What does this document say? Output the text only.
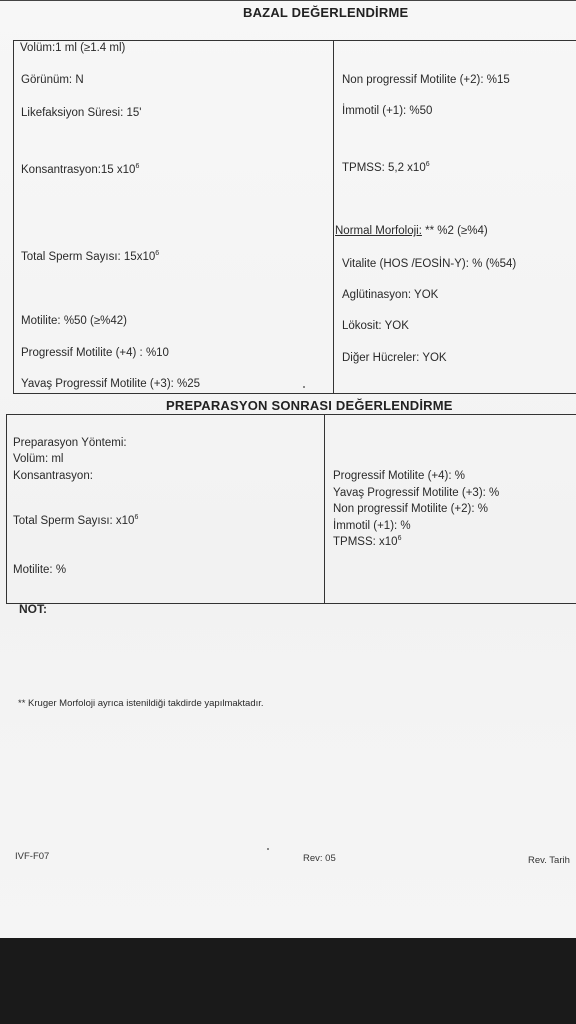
BAZAL DEĞERLENDİRME
Volüm:1 ml (≥1.4 ml)
Görünüm: N
Likefaksiyon Süresi: 15'
Konsantrasyon:15 $x10^6$
Total Sperm Sayısı: $15x10^6$
Motilite: %50 (≥%42)
Progressif Motilite (+4) : %10
Yavaş Progressif Motilite (+3): %25
Non progressif Motilite (+2): %15
İmmotil (+1): %50
TPMSS: 5,2 $x10^6$
Normal Morfoloji: ** %2 (≥%4)
Vitalite (HOS /EOSİN-Y): % (%54)
Aglütinasyon: YOK
Lökosit: YOK
Diğer Hücreler: YOK
PREPARASYON SONRASI DEĞERLENDİRME
Preparasyon Yöntemi:
Volüm: ml
Konsantrasyon:
Total Sperm Sayısı: $x10^6$
Motilite: %
Progressif Motilite (+4): %
Yavaş Progressif Motilite (+3): %
Non progressif Motilite (+2): %
İmmotil (+1): %
TPMSS: $x10^6$
NOT:
** Kruger Morfoloji ayrıca istenildiği takdirde yapılmaktadır.
IVF-F07	Rev: 05	Rev. Tarih
